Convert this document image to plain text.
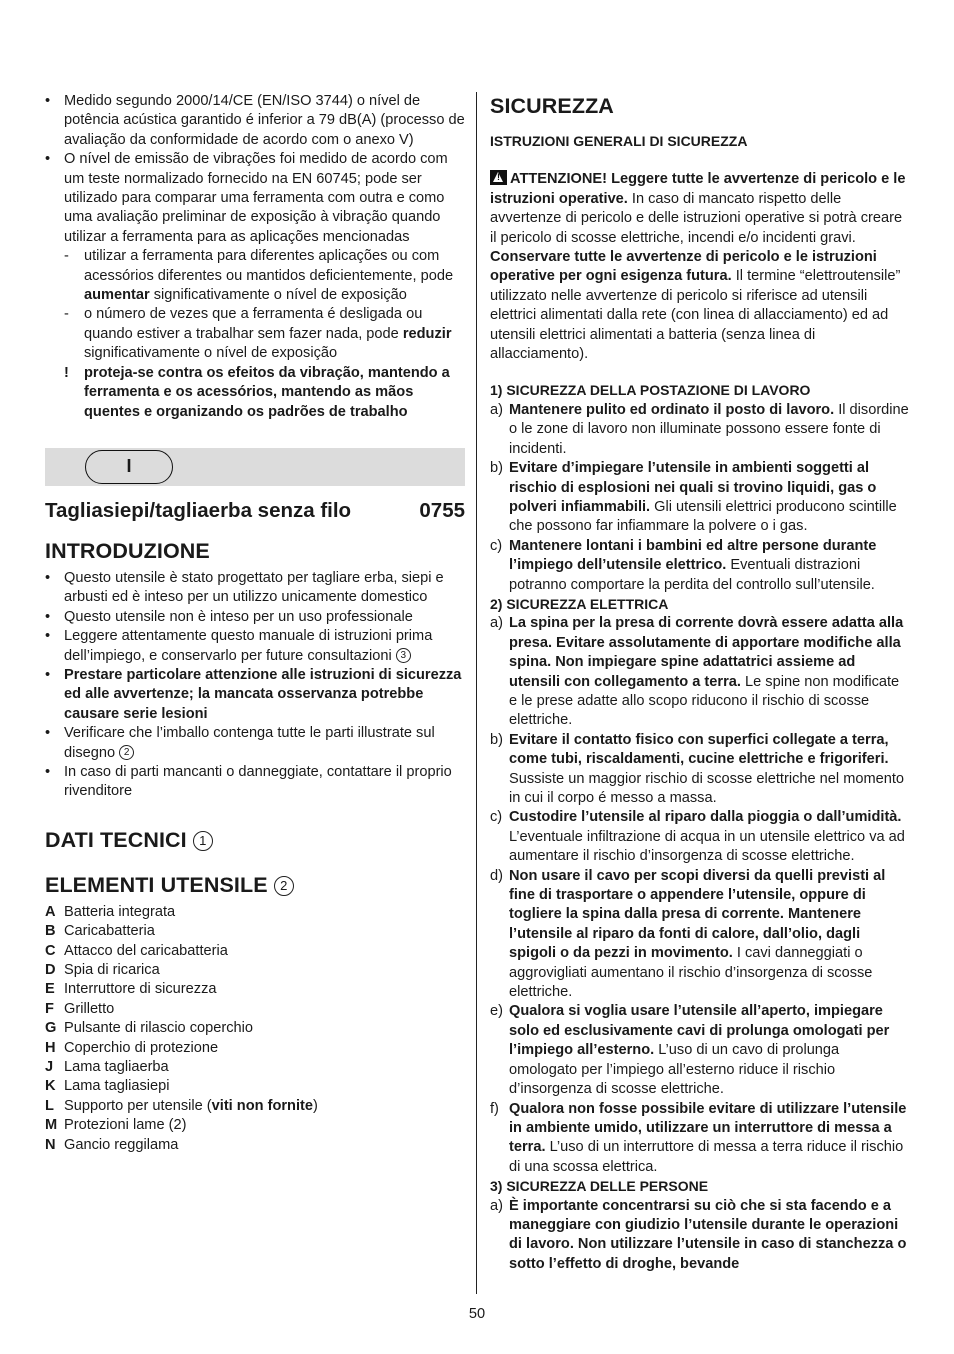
• Medido segundo 2000/14/CE (EN/ISO 3744) o nível de potência acústica garantido é inferior a 79 dB(A) (processo de avaliação da conformidade de acordo com o anexo V)
• O nível de emissão de vibrações foi medido de acordo com um teste normalizado fornecido na EN 60745; pode ser utilizado para comparar uma ferramenta com outra e como uma avaliação preliminar de exposição à vibração quando utilizar a ferramenta para as aplicações mencionadas
- utilizar a ferramenta para diferentes aplicações ou com acessórios diferentes ou mantidos deficientemente, pode aumentar significativamente o nível de exposição
- o número de vezes que a ferramenta é desligada ou quando estiver a trabalhar sem fazer nada, pode reduzir significativamente o nível de exposição
! proteja-se contra os efeitos da vibração, mantendo a ferramenta e os acessórios, mantendo as mãos quentes e organizando os padrões de trabalho
I
Tagliasiepi/tagliaerba senza filo	0755
INTRODUZIONE
• Questo utensile è stato progettato per tagliare erba, siepi e arbusti ed è inteso per un utilizzo unicamente domestico
• Questo utensile non è inteso per un uso professionale
• Leggere attentamente questo manuale di istruzioni prima dell’impiego, e conservarlo per future consultazioni 3
• Prestare particolare attenzione alle istruzioni di sicurezza ed alle avvertenze; la mancata osservanza potrebbe causare serie lesioni
• Verificare che l’imballo contenga tutte le parti illustrate sul disegno 2
• In caso di parti mancanti o danneggiate, contattare il proprio rivenditore
DATI TECNICI 1
ELEMENTI UTENSILE 2
A Batteria integrata
B Caricabatteria
C Attacco del caricabatteria
D Spia di ricarica
E Interruttore di sicurezza
F Grilletto
G Pulsante di rilascio coperchio
H Coperchio di protezione
J Lama tagliaerba
K Lama tagliasiepi
L Supporto per utensile (viti non fornite)
M Protezioni lame (2)
N Gancio reggilama
SICUREZZA
ISTRUZIONI GENERALI DI SICUREZZA
!ATTENZIONE! Leggere tutte le avvertenze di pericolo e le istruzioni operative. In caso di mancato rispetto delle avvertenze di pericolo e delle istruzioni operative si potrà creare il pericolo di scosse elettriche, incendi e/o incidenti gravi. Conservare tutte le avvertenze di pericolo e le istruzioni operative per ogni esigenza futura. Il termine “elettroutensile” utilizzato nelle avvertenze di pericolo si riferisce ad utensili elettrici alimentati dalla rete (con linea di allacciamento) ed ad utensili elettrici alimentati a batteria (senza linea di allacciamento).
1) SICUREZZA DELLA POSTAZIONE DI LAVORO
a) Mantenere pulito ed ordinato il posto di lavoro. Il disordine o le zone di lavoro non illuminate possono essere fonte di incidenti.
b) Evitare d’impiegare l’utensile in ambienti soggetti al rischio di esplosioni nei quali si trovino liquidi, gas o polveri infiammabili. Gli utensili elettrici producono scintille che possono far infiammare la polvere o i gas.
c) Mantenere lontani i bambini ed altre persone durante l’impiego dell’utensile elettrico. Eventuali distrazioni potranno comportare la perdita del controllo sull’utensile.
2) SICUREZZA ELETTRICA
a) La spina per la presa di corrente dovrà essere adatta alla presa. Evitare assolutamente di apportare modifiche alla spina. Non impiegare spine adattatrici assieme ad utensili con collegamento a terra. Le spine non modificate e le prese adatte allo scopo riducono il rischio di scosse elettriche.
b) Evitare il contatto fisico con superfici collegate a terra, come tubi, riscaldamenti, cucine elettriche e frigoriferi. Sussiste un maggior rischio di scosse elettriche nel momento in cui il corpo é messo a massa.
c) Custodire l’utensile al riparo dalla pioggia o dall’umidità. L’eventuale infiltrazione di acqua in un utensile elettrico va ad aumentare il rischio d’insorgenza di scosse elettriche.
d) Non usare il cavo per scopi diversi da quelli previsti al fine di trasportare o appendere l’utensile, oppure di togliere la spina dalla presa di corrente. Mantenere l’utensile al riparo da fonti di calore, dall’olio, dagli spigoli o da pezzi in movimento. I cavi danneggiati o aggrovigliati aumentano il rischio d’insorgenza di scosse elettriche.
e) Qualora si voglia usare l’utensile all’aperto, impiegare solo ed esclusivamente cavi di prolunga omologati per l’impiego all’esterno. L’uso di un cavo di prolunga omologato per l’impiego all’esterno riduce il rischio d’insorgenza di scosse elettriche.
f) Qualora non fosse possibile evitare di utilizzare l’utensile in ambiente umido, utilizzare un interruttore di messa a terra. L’uso di un interruttore di messa a terra riduce il rischio di una scossa elettrica.
3) SICUREZZA DELLE PERSONE
a) È importante concentrarsi su ciò che si sta facendo e a maneggiare con giudizio l’utensile durante le operazioni di lavoro. Non utilizzare l’utensile in caso di stanchezza o sotto l’effetto di droghe, bevande
50
